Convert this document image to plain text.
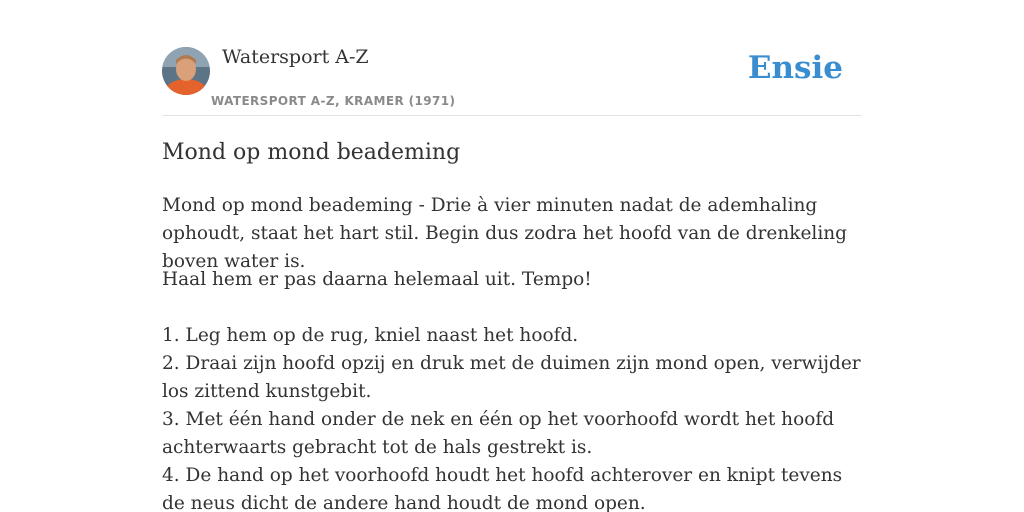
Watersport A-Z
WATERSPORT A-Z, KRAMER (1971)
Ensie
Mond op mond beademing

Mond op mond beademing - Drie à vier minuten nadat de ademhaling ophoudt, staat het hart stil. Begin dus zodra het hoofd van de drenkeling boven water is.

Haal hem er pas daarna helemaal uit. Tempo!

1. Leg hem op de rug, kniel naast het hoofd.
2. Draai zijn hoofd opzij en druk met de duimen zijn mond open, verwijder los zittend kunstgebit.
3. Met één hand onder de nek en één op het voorhoofd wordt het hoofd achterwaarts gebracht tot de hals gestrekt is.
4. De hand op het voorhoofd houdt het hoofd achterover en knipt tevens de neus dicht de andere hand houdt de mond open.
